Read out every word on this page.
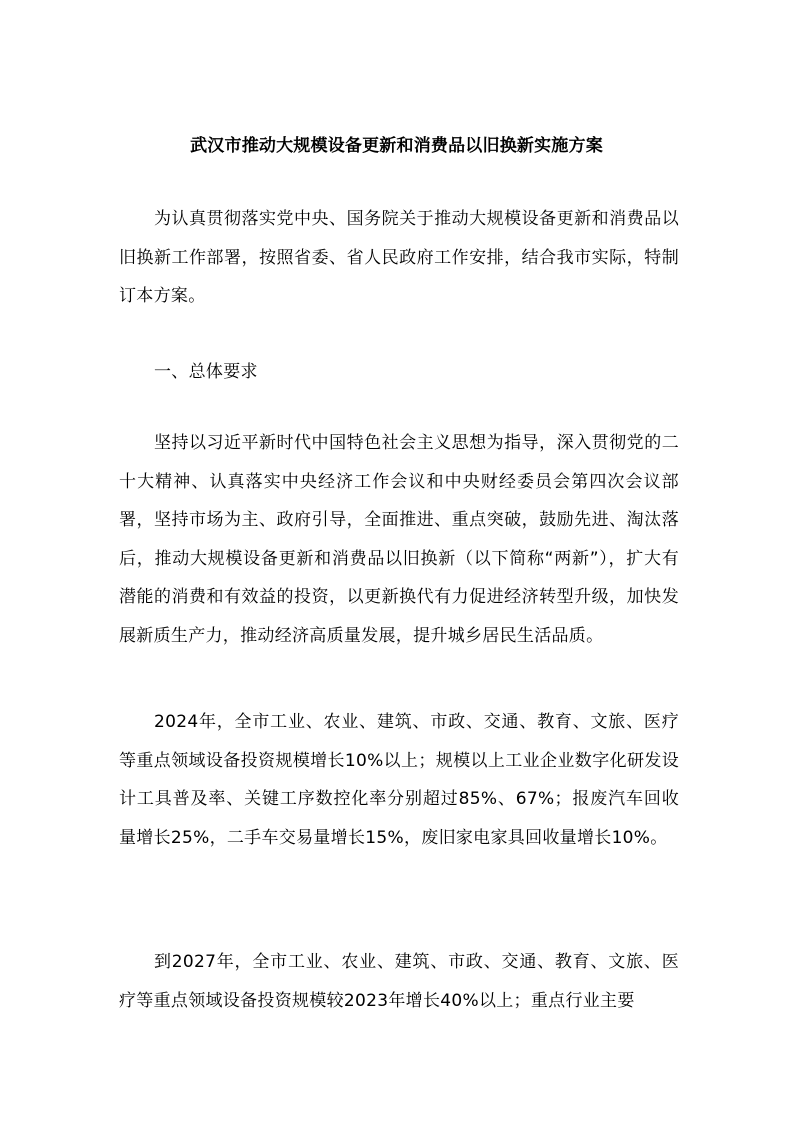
武汉市推动大规模设备更新和消费品以旧换新实施方案

为认真贯彻落实党中央、国务院关于推动大规模设备更新和消费品以旧换新工作部署，按照省委、省人民政府工作安排，结合我市实际，特制订本方案。

一、总体要求

坚持以习近平新时代中国特色社会主义思想为指导，深入贯彻党的二十大精神、认真落实中央经济工作会议和中央财经委员会第四次会议部署，坚持市场为主、政府引导，全面推进、重点突破，鼓励先进、淘汰落后，推动大规模设备更新和消费品以旧换新（以下简称“两新”），扩大有潜能的消费和有效益的投资，以更新换代有力促进经济转型升级，加快发展新质生产力，推动经济高质量发展，提升城乡居民生活品质。

2024年，全市工业、农业、建筑、市政、交通、教育、文旅、医疗等重点领域设备投资规模增长10%以上；规模以上工业企业数字化研发设计工具普及率、关键工序数控化率分别超过85%、67%；报废汽车回收量增长25%，二手车交易量增长15%，废旧家电家具回收量增长10%。

到2027年，全市工业、农业、建筑、市政、交通、教育、文旅、医疗等重点领域设备投资规模较2023年增长40%以上；重点行业主要
